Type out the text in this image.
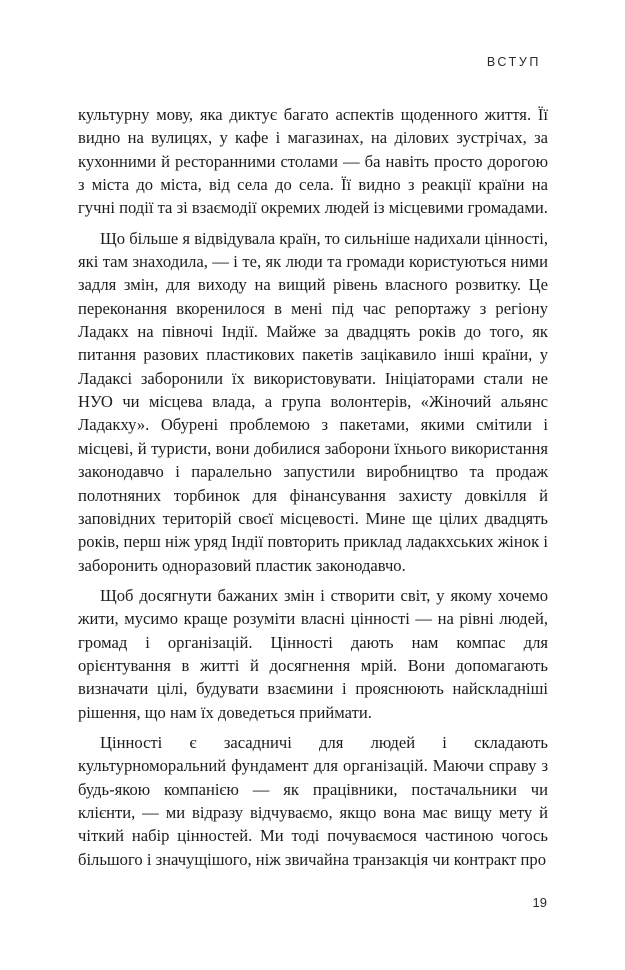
ВСТУП

культурну мову, яка диктує багато аспектів щоденного життя. Її видно на вулицях, у кафе і магазинах, на ділових зустрічах, за кухонними й ресторанними столами — ба навіть просто дорогою з міста до міста, від села до села. Її видно з реакції країни на гучні події та зі взаємодії окремих людей із місцевими громадами.

Що більше я відвідувала країн, то сильніше надихали цінності, які там знаходила, — і те, як люди та громади користуються ними задля змін, для виходу на вищий рівень власного розвитку. Це переконання вкоренилося в мені під час репортажу з регіону Ладакх на півночі Індії. Майже за двадцять років до того, як питання разових пластикових пакетів зацікавило інші країни, у Ладаксі заборонили їх використовувати. Ініціаторами стали не НУО чи місцева влада, а група волонтерів, «Жіночий альянс Ладакху». Обурені проблемою з пакетами, якими смітили і місцеві, й туристи, вони добилися заборони їхнього використання законодавчо і паралельно запустили виробництво та продаж полотняних торбинок для фінансування захисту довкілля й заповідних територій своєї місцевості. Мине ще цілих двадцять років, перш ніж уряд Індії повторить приклад ладакхських жінок і заборонить одноразовий пластик законодавчо.

Щоб досягнути бажаних змін і створити світ, у якому хочемо жити, мусимо краще розуміти власні цінності — на рівні людей, громад і організацій. Цінності дають нам компас для орієнтування в житті й досягнення мрій. Вони допомагають визначати цілі, будувати взаємини і прояснюють найскладніші рішення, що нам їх доведеться приймати.

Цінності є засадничі для людей і складають культурноморальний фундамент для організацій. Маючи справу з будь-якою компанією — як працівники, постачальники чи клієнти, — ми відразу відчуваємо, якщо вона має вищу мету й чіткий набір цінностей. Ми тоді почуваємося частиною чогось більшого і значущішого, ніж звичайна транзакція чи контракт про

19
